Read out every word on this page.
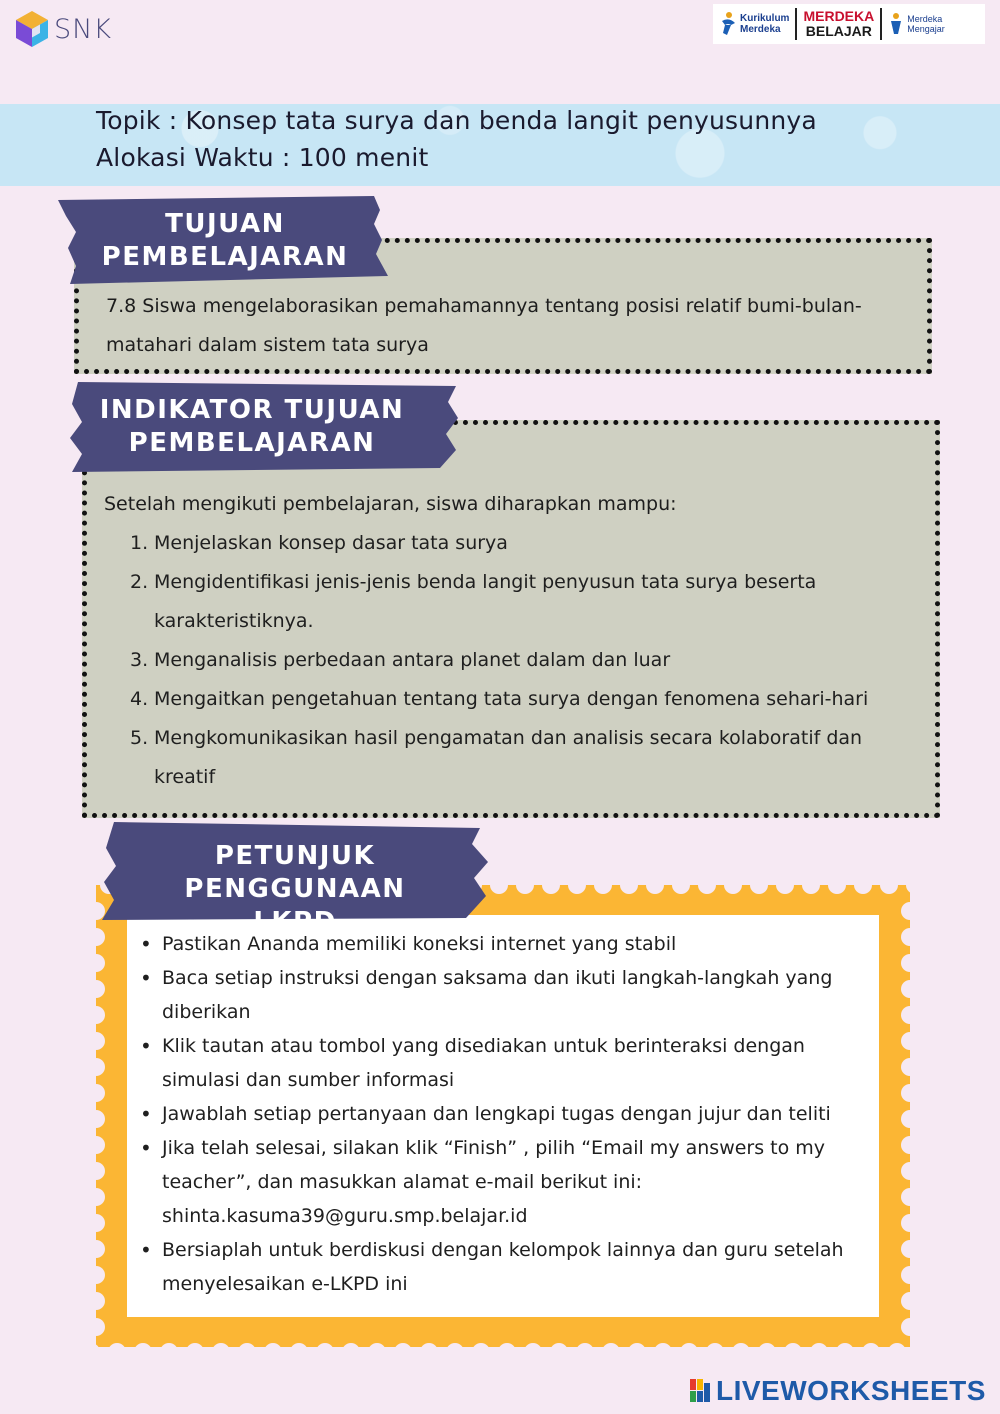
SNK	Kurikulum
Merdeka
MERDEKA
BELAJAR
Merdeka
Mengajar
Topik : Konsep tata surya dan benda langit penyusunnya
Alokasi Waktu : 100 menit
TUJUAN
PEMBELAJARAN
7.8 Siswa mengelaborasikan pemahamannya tentang posisi relatif bumi-bulan-
matahari dalam sistem tata surya
INDIKATOR TUJUAN
PEMBELAJARAN
Setelah mengikuti pembelajaran, siswa diharapkan mampu:
1. Menjelaskan konsep dasar tata surya
2. Mengidentifikasi jenis-jenis benda langit penyusun tata surya beserta
karakteristiknya.
3. Menganalisis perbedaan antara planet dalam dan luar
4. Mengaitkan pengetahuan tentang tata surya dengan fenomena sehari-hari
5. Mengkomunikasikan hasil pengamatan dan analisis secara kolaboratif dan
kreatif
PETUNJUK PENGGUNAAN
LKPD
• Pastikan Ananda memiliki koneksi internet yang stabil
• Baca setiap instruksi dengan saksama dan ikuti langkah-langkah yang
diberikan
• Klik tautan atau tombol yang disediakan untuk berinteraksi dengan
simulasi dan sumber informasi
• Jawablah setiap pertanyaan dan lengkapi tugas dengan jujur dan teliti
• Jika telah selesai, silakan klik “Finish” , pilih “Email my answers to my
teacher”, dan masukkan alamat e-mail berikut ini:
shinta.kasuma39@guru.smp.belajar.id
• Bersiaplah untuk berdiskusi dengan kelompok lainnya dan guru setelah
menyelesaikan e-LKPD ini
LIVEWORKSHEETS
